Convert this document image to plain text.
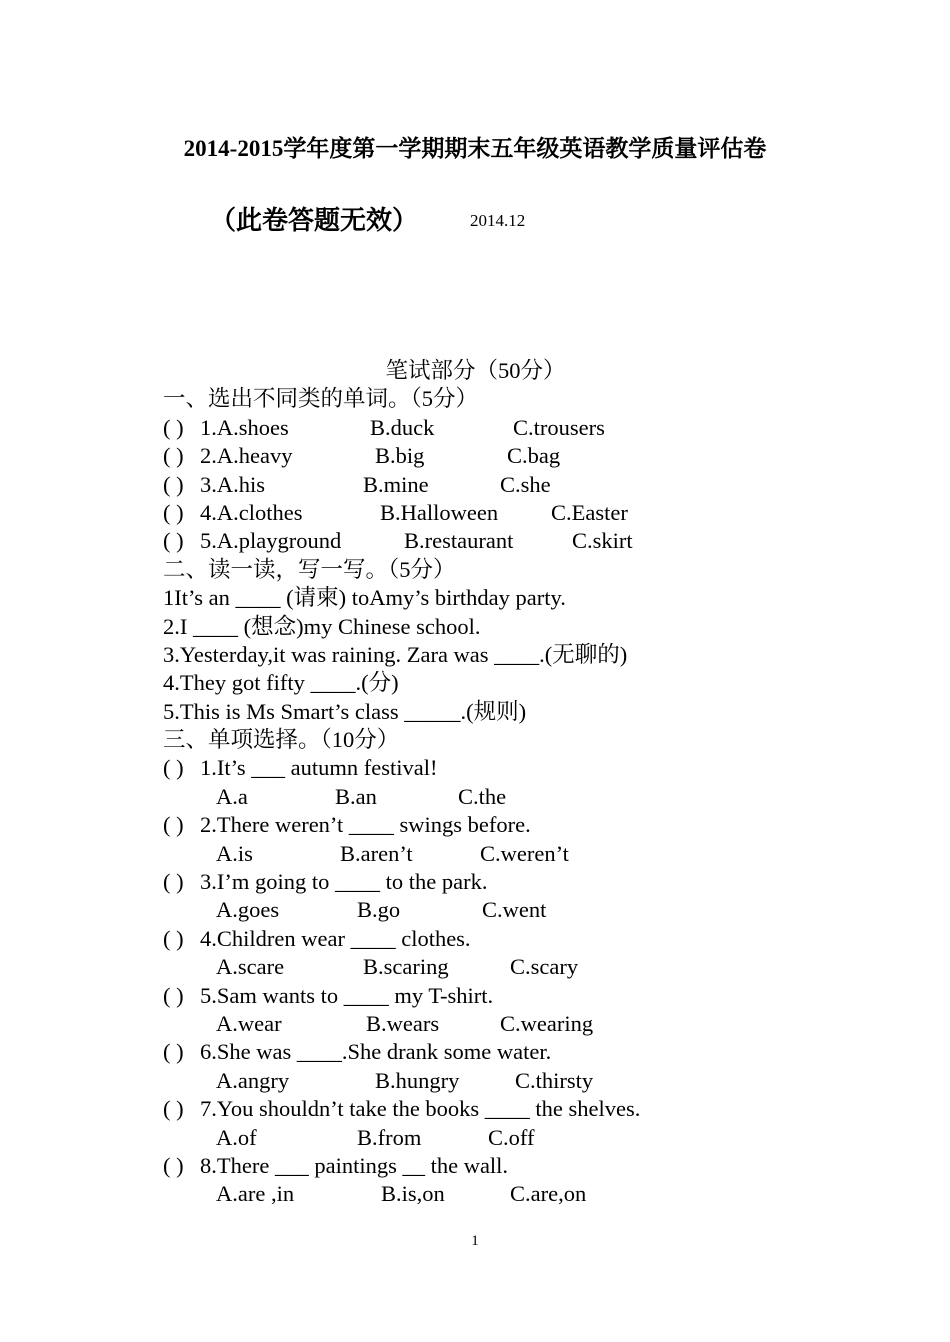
2014-2015学年度第一学期期末五年级英语教学质量评估卷
（此卷答题无效）	2014.12
笔试部分（50分）
一、选出不同类的单词。（5分）
( ) 1.A.shoes	B.duck	C.trousers
( ) 2.A.heavy	B.big	C.bag
( ) 3.A.his	B.mine	C.she
( ) 4.A.clothes	B.Halloween C.Easter
( ) 5.A.playground	B.restaurant	C.skirt
二、读一读，写一写。（5分）
1It’s an ____ (请柬) toAmy’s birthday party.
2.I ____ (想念)my Chinese school.
3.Yesterday,it was raining. Zara was ____.(无聊的)
4.They got fifty ____.(分)
5.This is Ms Smart’s class _____.(规则)
三、单项选择。（10分）
( ) 1.It’s ___ autumn festival!
A.a	B.an	C.the
( ) 2.There weren’t ____ swings before.
A.is	B.aren’t	C.weren’t
( ) 3.I’m going to ____ to the park.
A.goes	B.go	C.went
( ) 4.Children wear ____ clothes.
A.scare	B.scaring	C.scary
( ) 5.Sam wants to ____ my T-shirt.
A.wear	B.wears	C.wearing
( ) 6.She was ____.She drank some water.
A.angry	B.hungry C.thirsty
( ) 7.You shouldn’t take the books ____ the shelves.
A.of	B.from	C.off
( ) 8.There ___ paintings __ the wall.
A.are ,in	B.is,on	C.are,on
1
